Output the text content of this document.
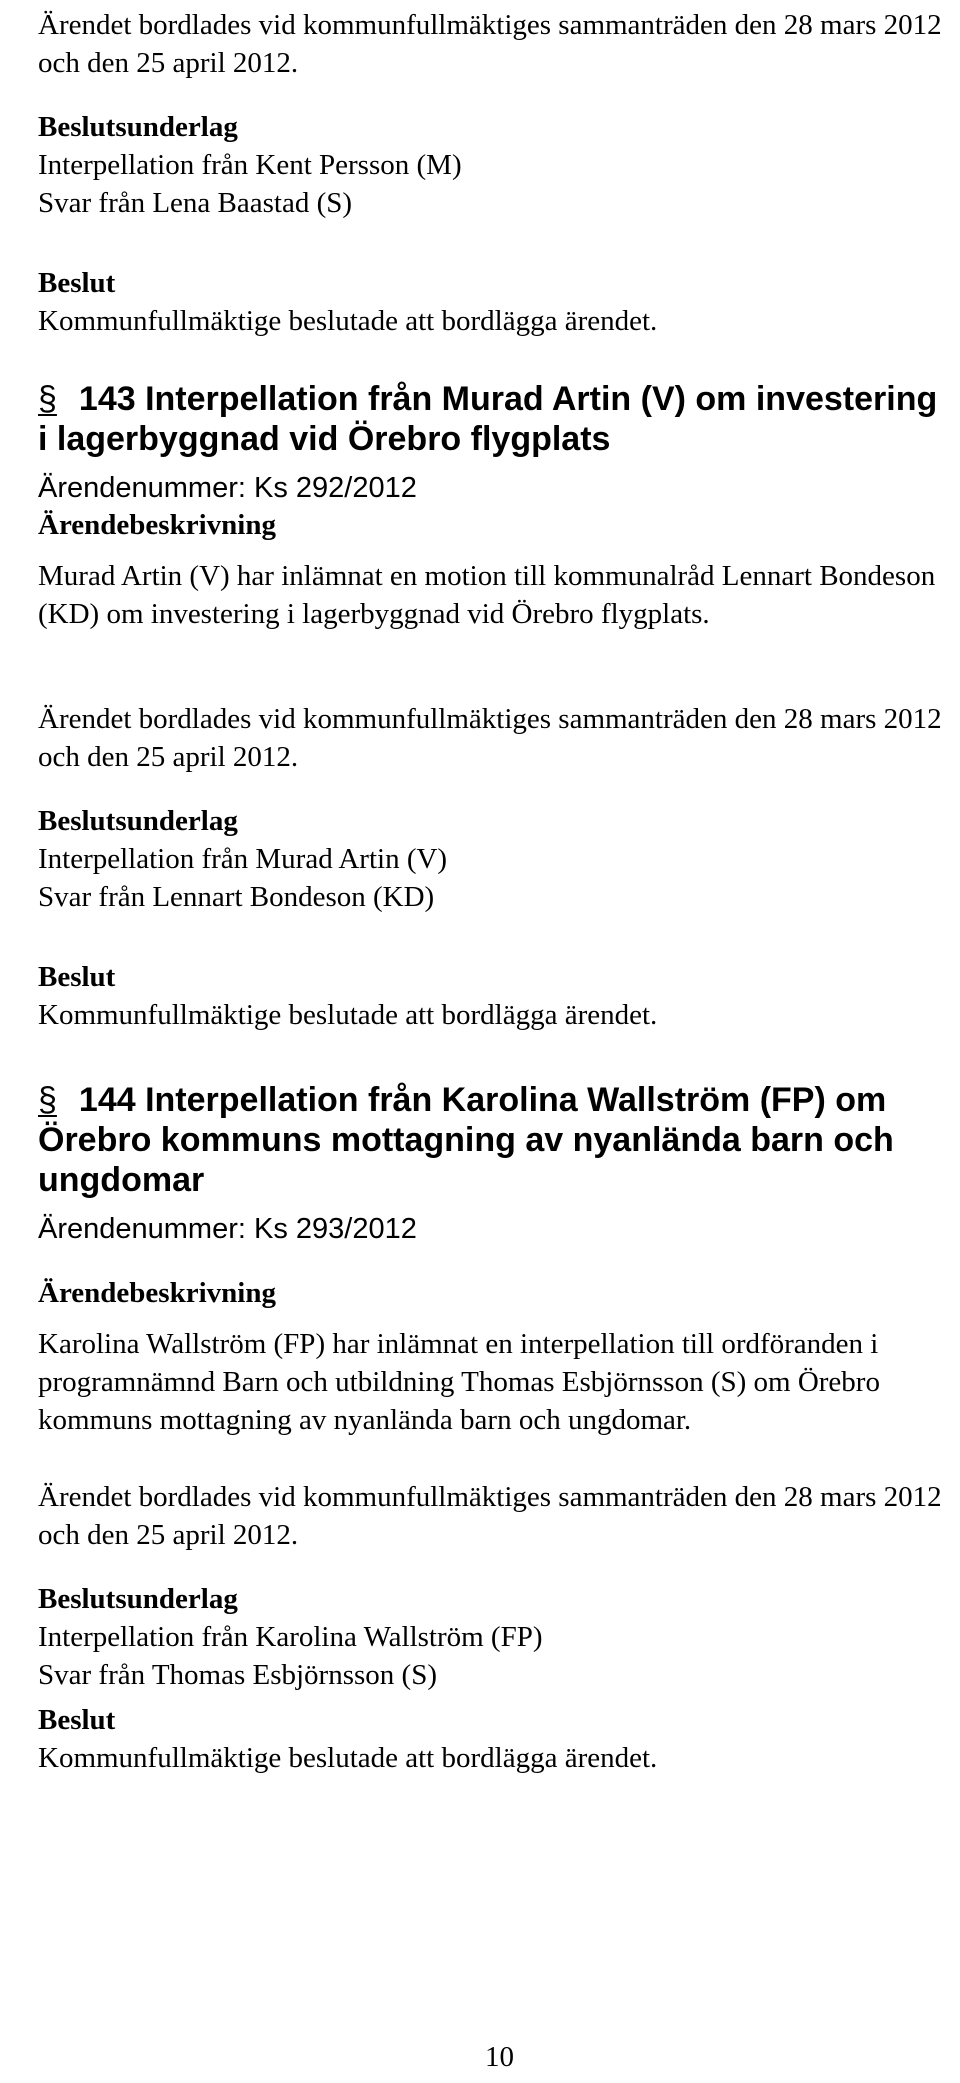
Ärendet bordlades vid kommunfullmäktiges sammanträden den 28 mars 2012 och den 25 april 2012.

Beslutsunderlag

Interpellation från Kent Persson (M)

Svar från Lena Baastad (S)

Beslut

Kommunfullmäktige beslutade att bordlägga ärendet.

§ 143 Interpellation från Murad Artin (V) om investering i lagerbyggnad vid Örebro flygplats

Ärendenummer: Ks 292/2012

Ärendebeskrivning

Murad Artin (V) har inlämnat en motion till kommunalråd Lennart Bondeson (KD) om investering i lagerbyggnad vid Örebro flygplats.

Ärendet bordlades vid kommunfullmäktiges sammanträden den 28 mars 2012 och den 25 april 2012.

Beslutsunderlag

Interpellation från Murad Artin (V)

Svar från Lennart Bondeson (KD)

Beslut

Kommunfullmäktige beslutade att bordlägga ärendet.

§ 144 Interpellation från Karolina Wallström (FP) om Örebro kommuns mottagning av nyanlända barn och ungdomar

Ärendenummer: Ks 293/2012

Ärendebeskrivning

Karolina Wallström (FP) har inlämnat en interpellation till ordföranden i programnämnd Barn och utbildning Thomas Esbjörnsson (S) om Örebro kommuns mottagning av nyanlända barn och ungdomar.

Ärendet bordlades vid kommunfullmäktiges sammanträden den 28 mars 2012 och den 25 april 2012.

Beslutsunderlag

Interpellation från Karolina Wallström (FP)

Svar från Thomas Esbjörnsson (S)

Beslut

Kommunfullmäktige beslutade att bordlägga ärendet.

10
